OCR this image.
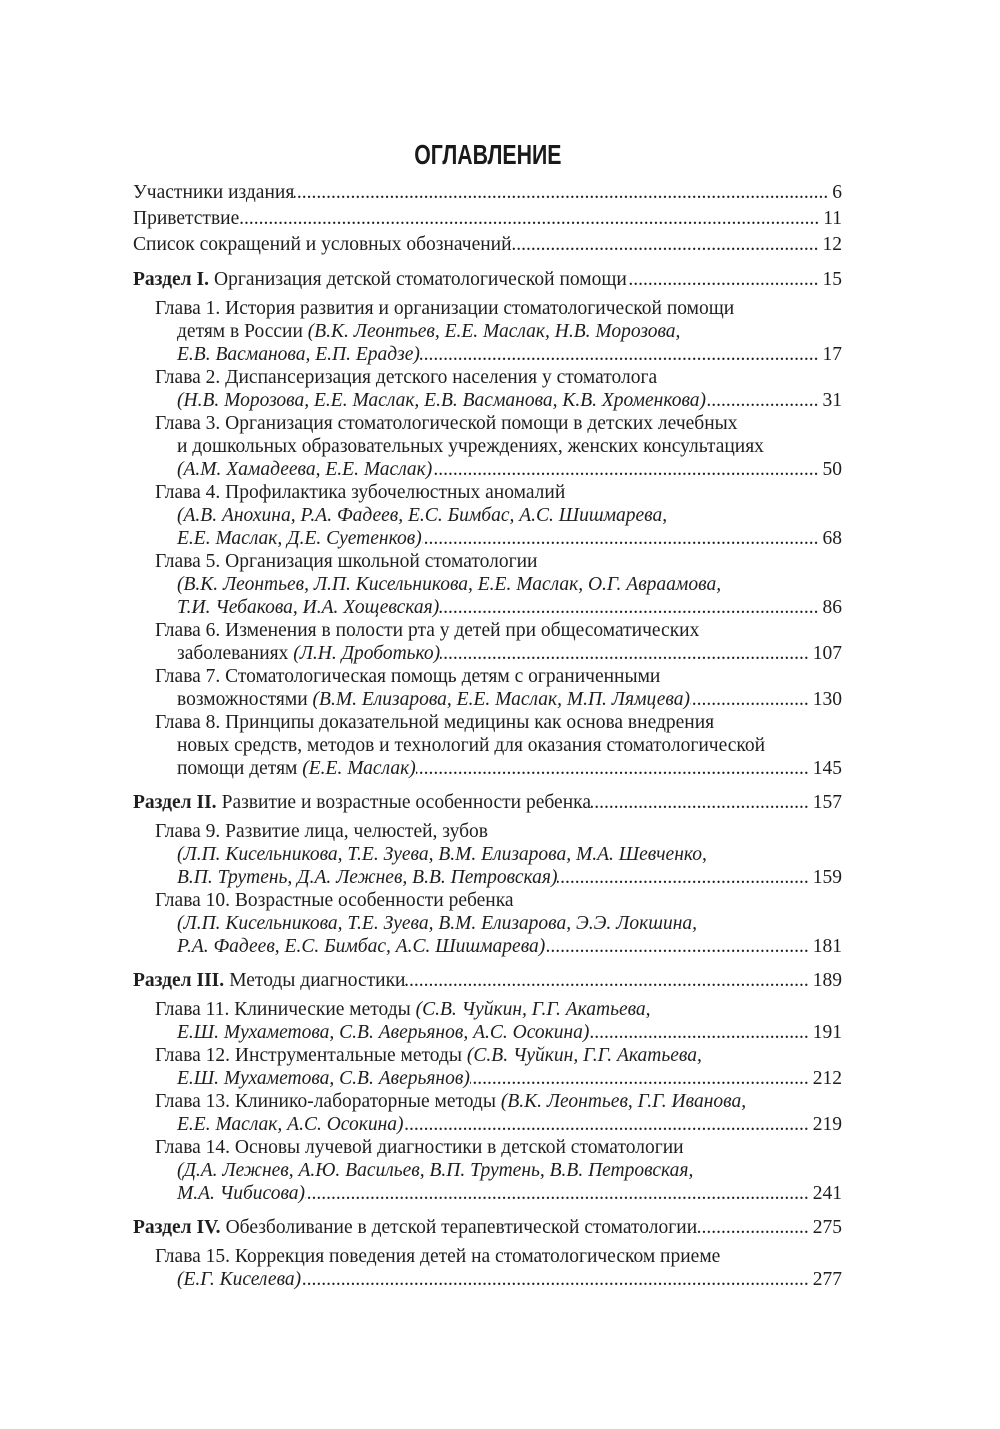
ОГЛАВЛЕНИЕ
Участники издания .....	6
Приветствие .....	11
Список сокращений и условных обозначений .....	12
Раздел I. Организация детской стоматологической помощи .....	15
Глава 1. История развития и организации стоматологической помощи
детям в России (В.К. Леонтьев, Е.Е. Маслак, Н.В. Морозова,
Е.В. Васманова, Е.П. Ерадзе) .....	17
Глава 2. Диспансеризация детского населения у стоматолога
(Н.В. Морозова, Е.Е. Маслак, Е.В. Васманова, К.В. Хроменкова) .....	31
Глава 3. Организация стоматологической помощи в детских лечебных
и дошкольных образовательных учреждениях, женских консультациях
(А.М. Хамадеева, Е.Е. Маслак) .....	50
Глава 4. Профилактика зубочелюстных аномалий
(А.В. Анохина, Р.А. Фадеев, Е.С. Бимбас, А.С. Шишмарева,
Е.Е. Маслак, Д.Е. Суетенков) .....	68
Глава 5. Организация школьной стоматологии
(В.К. Леонтьев, Л.П. Кисельникова, Е.Е. Маслак, О.Г. Авраамова,
Т.И. Чебакова, И.А. Хощевская) .....	86
Глава 6. Изменения в полости рта у детей при общесоматических
заболеваниях (Л.Н. Дроботько) .....	107
Глава 7. Стоматологическая помощь детям с ограниченными
возможностями (В.М. Елизарова, Е.Е. Маслак, М.П. Лямцева) .....	130
Глава 8. Принципы доказательной медицины как основа внедрения
новых средств, методов и технологий для оказания стоматологической
помощи детям (Е.Е. Маслак) .....	145
Раздел II. Развитие и возрастные особенности ребенка .....	157
Глава 9. Развитие лица, челюстей, зубов
(Л.П. Кисельникова, Т.Е. Зуева, В.М. Елизарова, М.А. Шевченко,
В.П. Трутень, Д.А. Лежнев, В.В. Петровская) .....	159
Глава 10. Возрастные особенности ребенка
(Л.П. Кисельникова, Т.Е. Зуева, В.М. Елизарова, Э.Э. Локшина,
Р.А. Фадеев, Е.С. Бимбас, А.С. Шишмарева) .....	181
Раздел III. Методы диагностики .....	189
Глава 11. Клинические методы (С.В. Чуйкин, Г.Г. Акатьева,
Е.Ш. Мухаметова, С.В. Аверьянов, А.С. Осокина) .....	191
Глава 12. Инструментальные методы (С.В. Чуйкин, Г.Г. Акатьева,
Е.Ш. Мухаметова, С.В. Аверьянов) .....	212
Глава 13. Клинико-лабораторные методы (В.К. Леонтьев, Г.Г. Иванова,
Е.Е. Маслак, А.С. Осокина) .....	219
Глава 14. Основы лучевой диагностики в детской стоматологии
(Д.А. Лежнев, А.Ю. Васильев, В.П. Трутень, В.В. Петровская,
М.А. Чибисова) .....	241
Раздел IV. Обезболивание в детской терапевтической стоматологии .....	275
Глава 15. Коррекция поведения детей на стоматологическом приеме
(Е.Г. Киселева) .....	277
